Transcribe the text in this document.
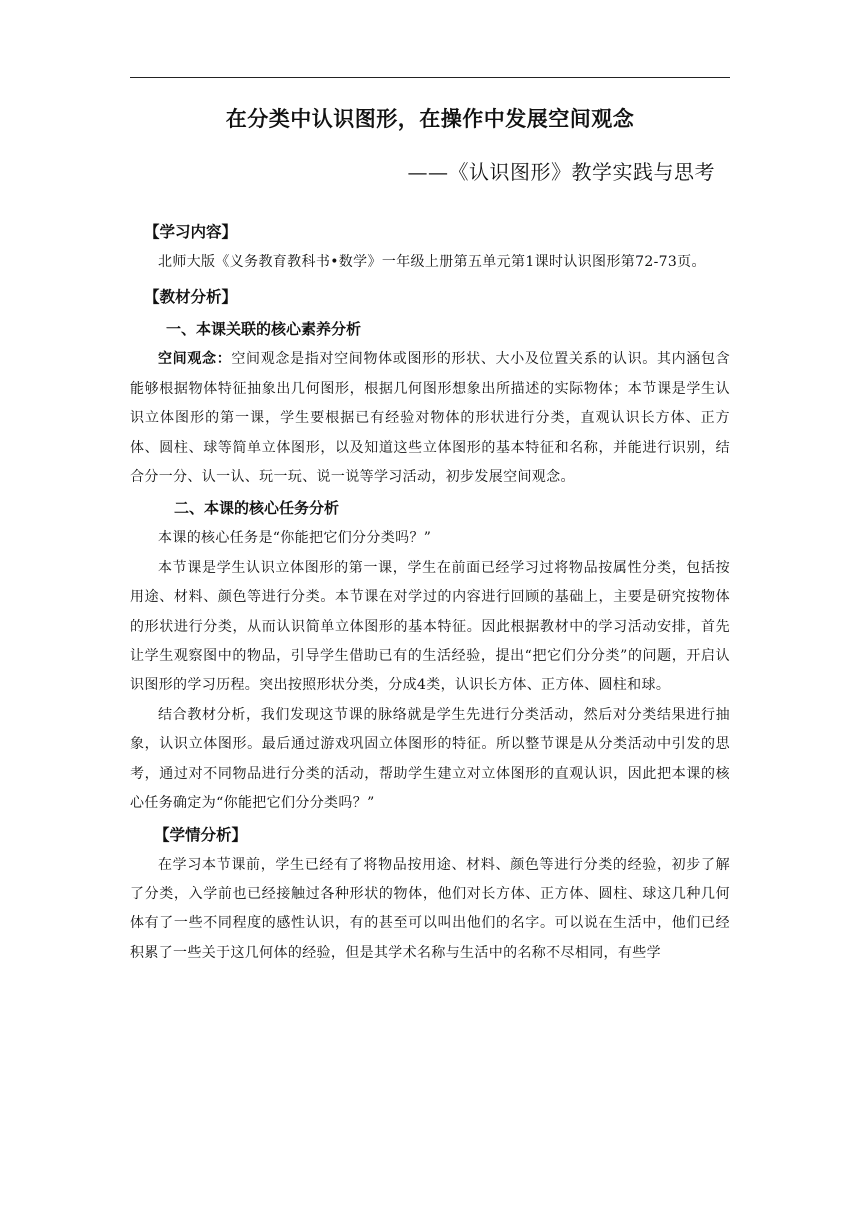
在分类中认识图形，在操作中发展空间观念
——《认识图形》教学实践与思考
【学习内容】

北师大版《义务教育教科书•数学》一年级上册第五单元第1课时认识图形第72-73页。

【教材分析】
一、本课关联的核心素养分析

空间观念：空间观念是指对空间物体或图形的形状、大小及位置关系的认识。其内涵包含能够根据物体特征抽象出几何图形，根据几何图形想象出所描述的实际物体；本节课是学生认识立体图形的第一课，学生要根据已有经验对物体的形状进行分类，直观认识长方体、正方体、圆柱、球等简单立体图形，以及知道这些立体图形的基本特征和名称，并能进行识别，结合分一分、认一认、玩一玩、说一说等学习活动，初步发展空间观念。

二、本课的核心任务分析

本课的核心任务是“你能把它们分分类吗？”

本节课是学生认识立体图形的第一课，学生在前面已经学习过将物品按属性分类，包括按用途、材料、颜色等进行分类。本节课在对学过的内容进行回顾的基础上，主要是研究按物体的形状进行分类，从而认识简单立体图形的基本特征。因此根据教材中的学习活动安排，首先让学生观察图中的物品，引导学生借助已有的生活经验，提出“把它们分分类”的问题，开启认识图形的学习历程。突出按照形状分类，分成4类，认识长方体、正方体、圆柱和球。

结合教材分析，我们发现这节课的脉络就是学生先进行分类活动，然后对分类结果进行抽象，认识立体图形。最后通过游戏巩固立体图形的特征。所以整节课是从分类活动中引发的思考，通过对不同物品进行分类的活动，帮助学生建立对立体图形的直观认识，因此把本课的核心任务确定为“你能把它们分分类吗？”

【学情分析】

在学习本节课前，学生已经有了将物品按用途、材料、颜色等进行分类的经验，初步了解了分类，入学前也已经接触过各种形状的物体，他们对长方体、正方体、圆柱、球这几种几何体有了一些不同程度的感性认识，有的甚至可以叫出他们的名字。可以说在生活中，他们已经积累了一些关于这几何体的经验，但是其学术名称与生活中的名称不尽相同，有些学
